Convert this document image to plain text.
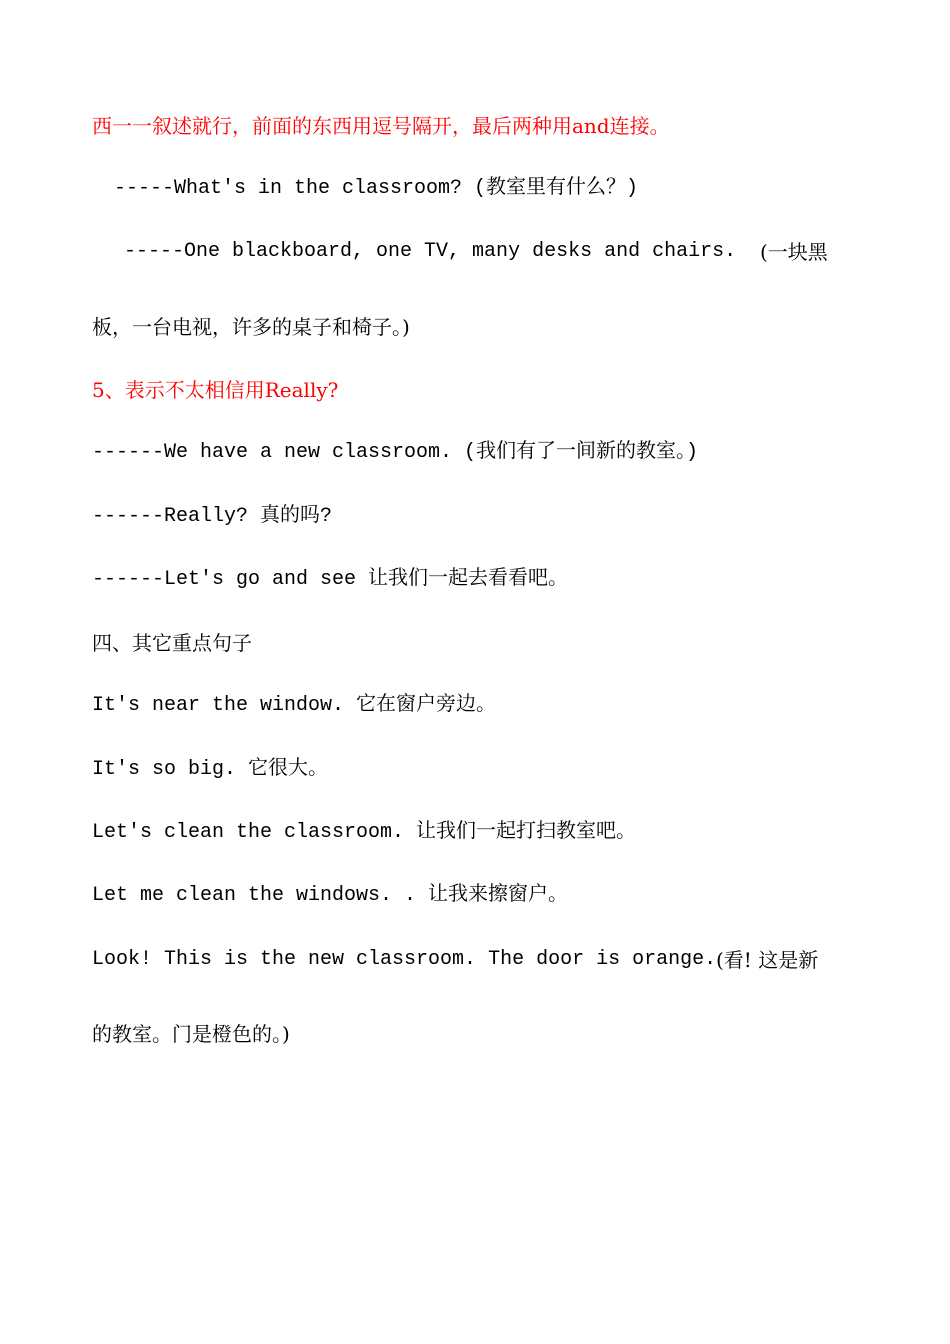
西一一叙述就行，前面的东西用逗号隔开，最后两种用and连接。
-----What's in the classroom? (教室里有什么？)
-----One blackboard, one TV, many desks and chairs. (一块黑
板，一台电视，许多的桌子和椅子。)
5、表示不太相信用Really?
------We have a new classroom. (我们有了一间新的教室。)
------Really? 真的吗?
------Let's go and see 让我们一起去看看吧。
四、其它重点句子
It's near the window. 它在窗户旁边。
It's so big. 它很大。
Let's clean the classroom. 让我们一起打扫教室吧。
Let me clean the windows. . 让我来擦窗户。
Look! This is the new classroom. The door is orange. (看! 这是新
的教室。门是橙色的。)
